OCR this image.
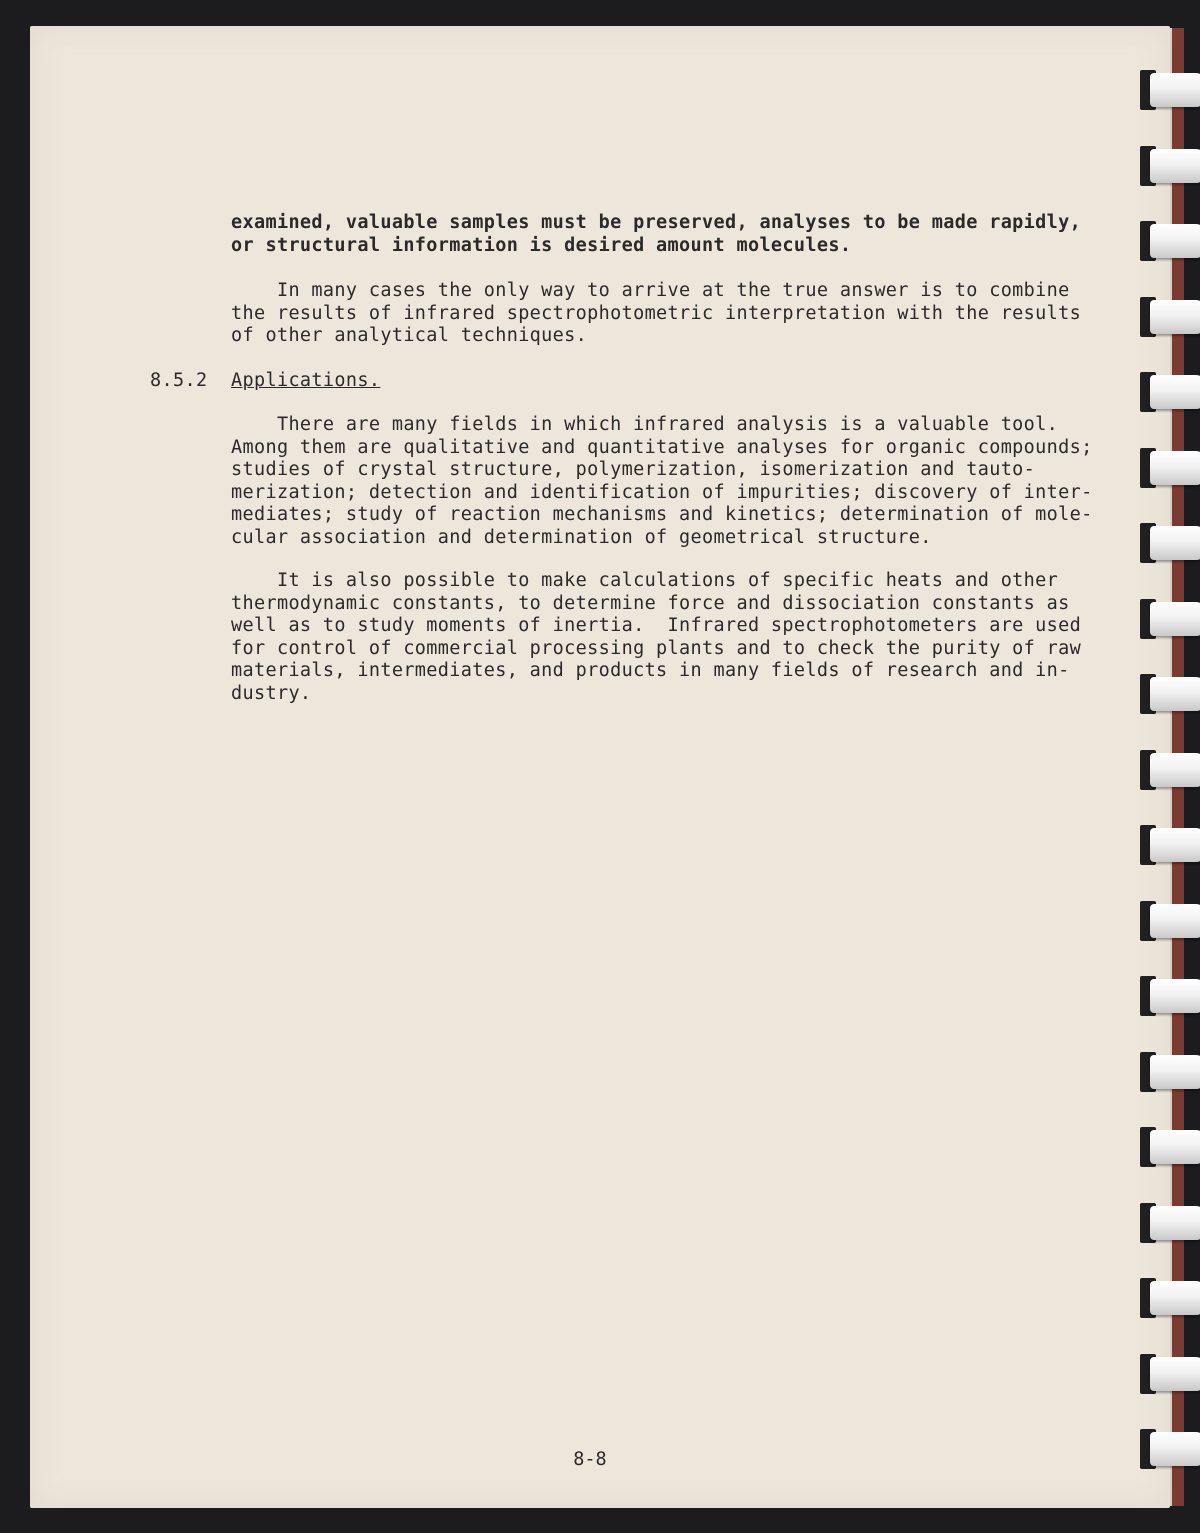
examined, valuable samples must be preserved, analyses to be made rapidly,
or structural information is desired amount molecules.
In many cases the only way to arrive at the true answer is to combine
the results of infrared spectrophotometric interpretation with the results
of other analytical techniques.
8.5.2 Applications.
There are many fields in which infrared analysis is a valuable tool.
Among them are qualitative and quantitative analyses for organic compounds;
studies of crystal structure, polymerization, isomerization and tauto-
merization; detection and identification of impurities; discovery of inter-
mediates; study of reaction mechanisms and kinetics; determination of mole-
cular association and determination of geometrical structure.
It is also possible to make calculations of specific heats and other
thermodynamic constants, to determine force and dissociation constants as
well as to study moments of inertia.  Infrared spectrophotometers are used
for control of commercial processing plants and to check the purity of raw
materials, intermediates, and products in many fields of research and in-
dustry.
8-8
